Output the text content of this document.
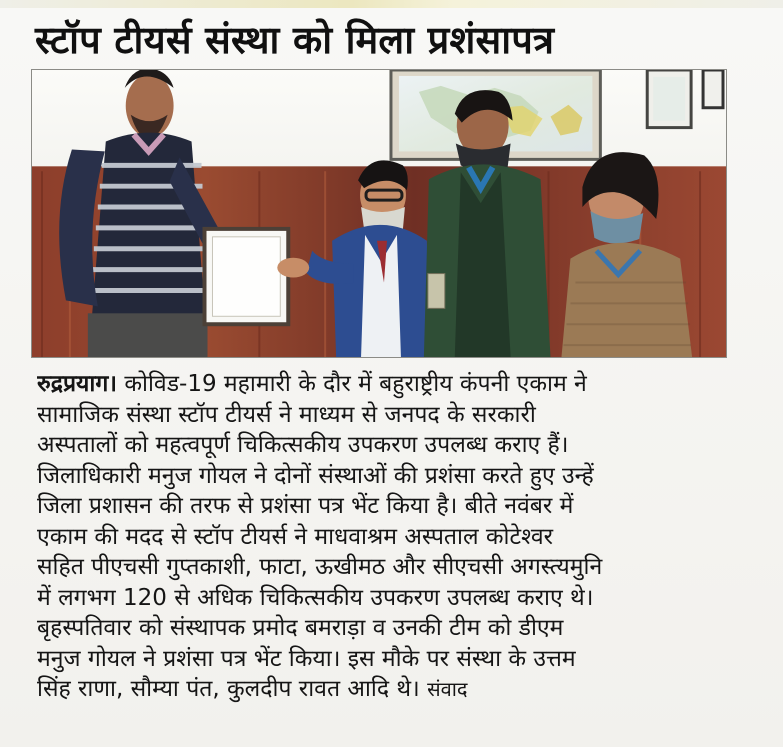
स्टॉप टीयर्स संस्था को मिला प्रशंसापत्र
रुद्रप्रयाग। कोविड-19 महामारी के दौर में बहुराष्ट्रीय कंपनी एकाम ने
सामाजिक संस्था स्टॉप टीयर्स ने माध्यम से जनपद के सरकारी
अस्पतालों को महत्वपूर्ण चिकित्सकीय उपकरण उपलब्ध कराए हैं।
जिलाधिकारी मनुज गोयल ने दोनों संस्थाओं की प्रशंसा करते हुए उन्हें
जिला प्रशासन की तरफ से प्रशंसा पत्र भेंट किया है। बीते नवंबर में
एकाम की मदद से स्टॉप टीयर्स ने माधवाश्रम अस्पताल कोटेश्वर
सहित पीएचसी गुप्तकाशी, फाटा, ऊखीमठ और सीएचसी अगस्त्यमुनि
में लगभग 120 से अधिक चिकित्सकीय उपकरण उपलब्ध कराए थे।
बृहस्पतिवार को संस्थापक प्रमोद बमराड़ा व उनकी टीम को डीएम
मनुज गोयल ने प्रशंसा पत्र भेंट किया। इस मौके पर संस्था के उत्तम
सिंह राणा, सौम्या पंत, कुलदीप रावत आदि थे। संवाद
